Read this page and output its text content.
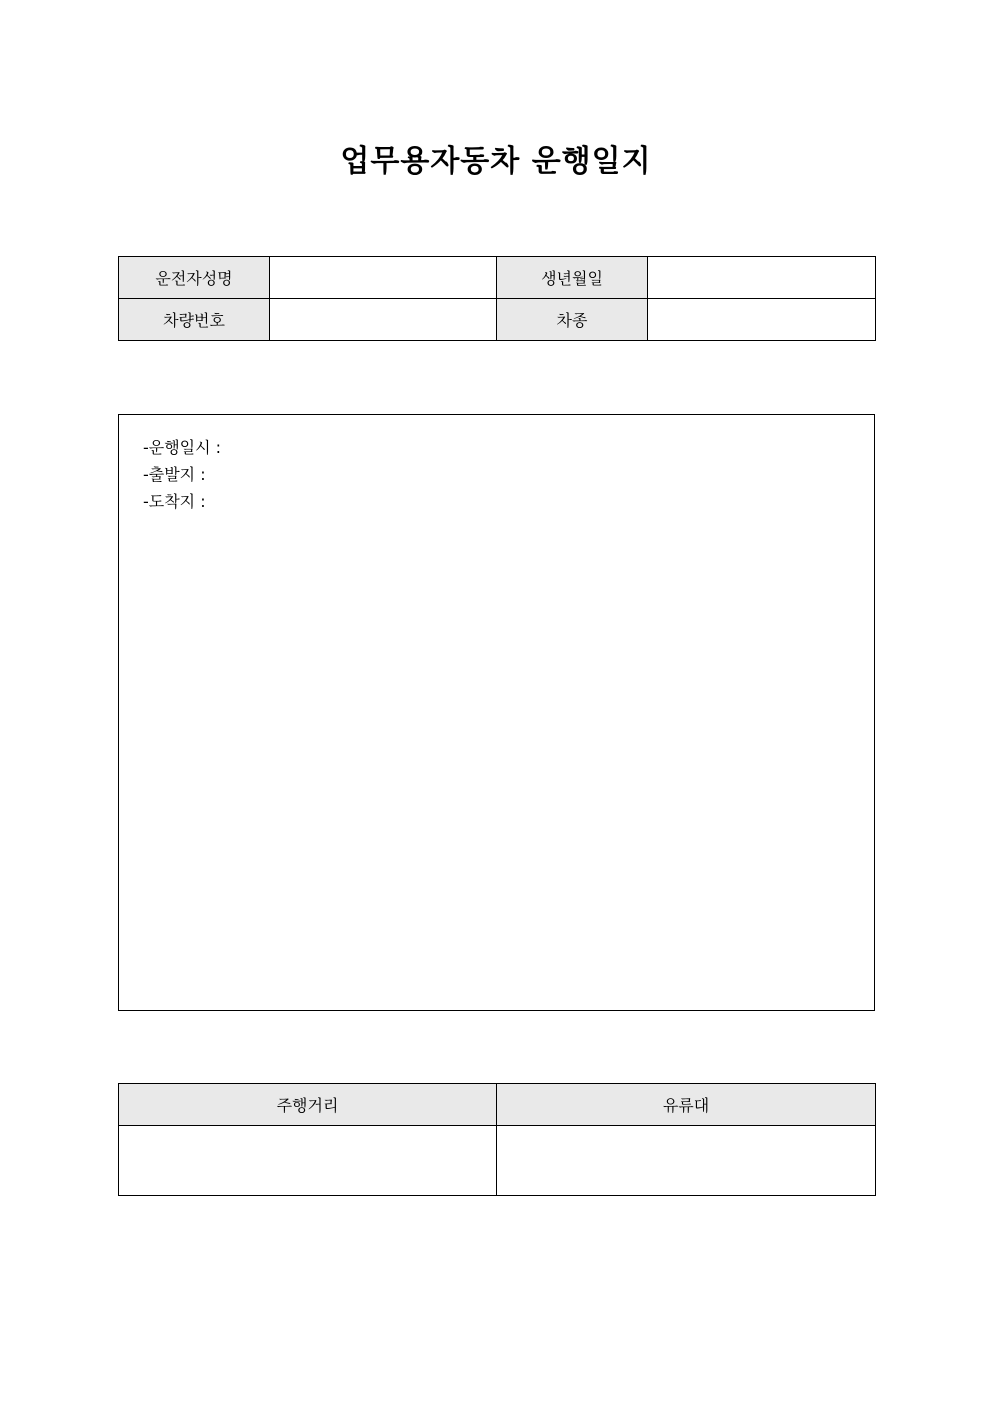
업무용자동차 운행일지
운전자성명		생년월일	
차량번호		차종	
-운행일시 :
-출발지 :
-도착지 :
주행거리	유류대
